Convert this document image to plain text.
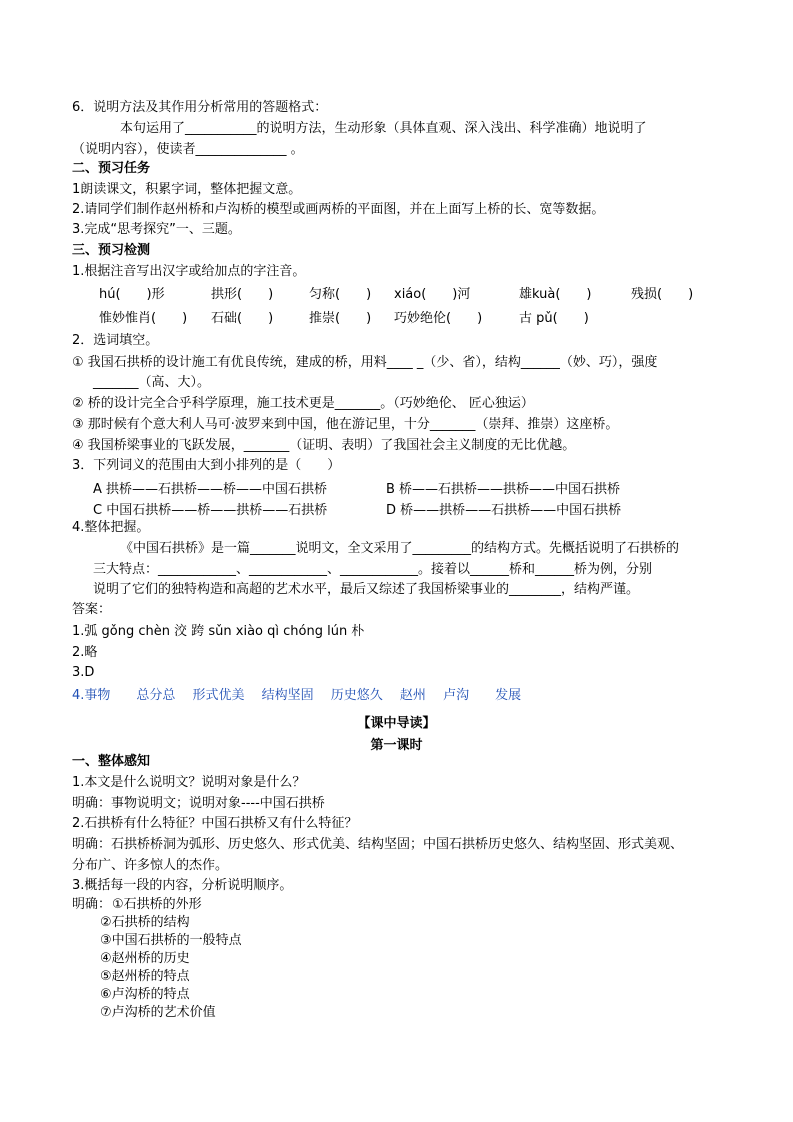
6．说明方法及其作用分析常用的答题格式：
本句运用了___________的说明方法，生动形象（具体直观、深入浅出、科学准确）地说明了
（说明内容），使读者______________ 。
二、预习任务
1朗读课文，积累字词，整体把握文意。
2.请同学们制作赵州桥和卢沟桥的模型或画两桥的平面图，并在上面写上桥的长、宽等数据。
3.完成“思考探究”一、三题。
三、预习检测
1.根据注音写出汉字或给加点的字注音。
hú(　　)形	拱形(　　)	匀称(　　) xiáo(　　)河	雄kuà(　　)	残损(　　)
惟妙惟肖(　　) 石础(　　)	推崇(　　) 巧妙绝伦(　　)	古 pǔ(　　)
2．选词填空。
① 我国石拱桥的设计施工有优良传统，建成的桥，用料____ _（少、省），结构______（妙、巧），强度
_______（高、大）。
② 桥的设计完全合乎科学原理，施工技术更是_______。（巧妙绝伦、 匠心独运）
③ 那时候有个意大利人马可·波罗来到中国，他在游记里，十分_______（崇拜、推崇）这座桥。
④ 我国桥梁事业的飞跃发展，_______（证明、表明）了我国社会主义制度的无比优越。
3．下列词义的范围由大到小排列的是（　　）
A 拱桥——石拱桥——桥——中国石拱桥	B 桥——石拱桥——拱桥——中国石拱桥
C 中国石拱桥——桥——拱桥——石拱桥	D 桥——拱桥——石拱桥——中国石拱桥
4.整体把握。
《中国石拱桥》是一篇_______说明文，全文采用了_________的结构方式。先概括说明了石拱桥的
三大特点：____________、____________、____________。接着以______桥和______桥为例，分别
说明了它们的独特构造和高超的艺术水平，最后又综述了我国桥梁事业的________，结构严谨。
答案：
1.弧 gǒng chèn 洨 跨 sǔn xiào qì chóng lún 朴
2.略
3.D
4.事物　　总分总　 形式优美　 结构坚固　 历史悠久　 赵州　 卢沟　　发展
【课中导读】
第一课时
一、整体感知
1.本文是什么说明文？说明对象是什么？
明确：事物说明文；说明对象----中国石拱桥
2.石拱桥有什么特征？中国石拱桥又有什么特征？
明确：石拱桥桥洞为弧形、历史悠久、形式优美、结构坚固；中国石拱桥历史悠久、结构坚固、形式美观、
分布广、许多惊人的杰作。
3.概括每一段的内容，分析说明顺序。
明确： ①石拱桥的外形
②石拱桥的结构
③中国石拱桥的一般特点
④赵州桥的历史
⑤赵州桥的特点
⑥卢沟桥的特点
⑦卢沟桥的艺术价值
